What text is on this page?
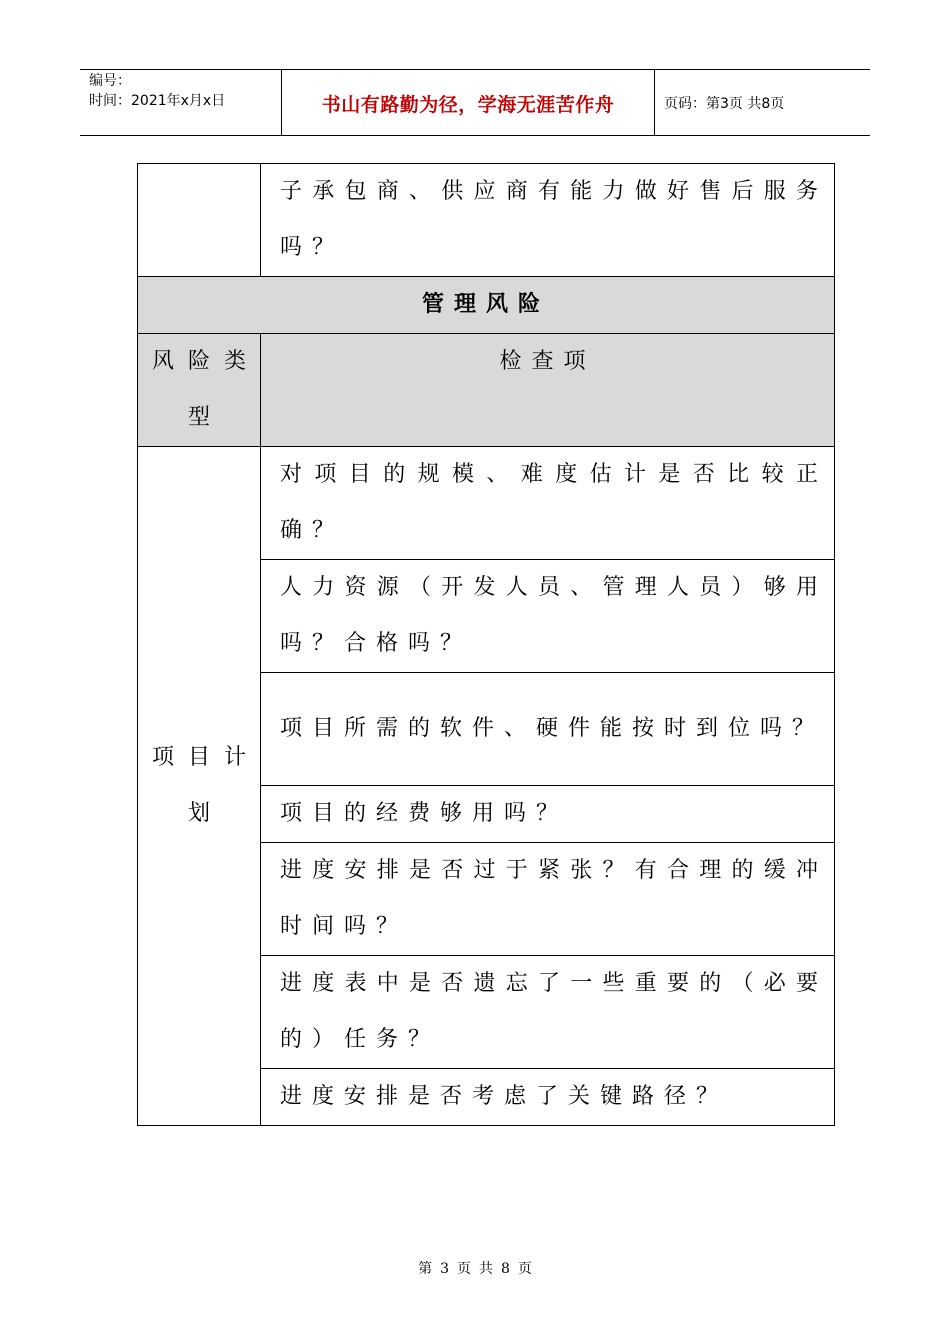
编号：
时间：2021年x月x日	书山有路勤为径，学海无涯苦作舟	页码：第3页 共8页

	子承包商、供应商有能力做好售后服务吗？

管理风险	

风险类型	检查项

项目计划	对项目的规模、难度估计是否比较正确？

	人力资源（开发人员、管理人员）够用吗？合格吗？

	项目所需的软件、硬件能按时到位吗？

	项目的经费够用吗？

	进度安排是否过于紧张？有合理的缓冲时间吗？

	进度表中是否遗忘了一些重要的（必要的）任务？

	进度安排是否考虑了关键路径？
第 3 页 共 8 页
